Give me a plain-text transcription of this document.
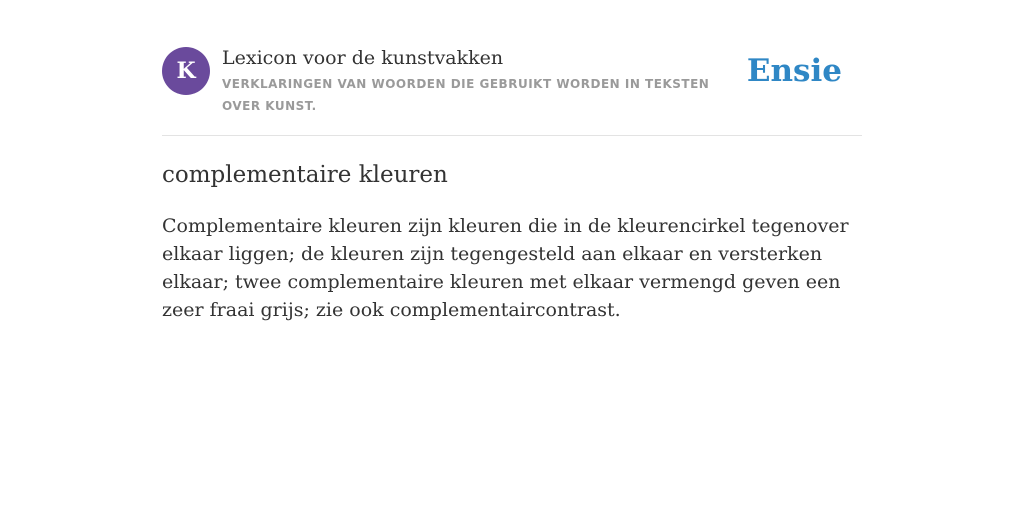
K	Lexicon voor de kunstvakken
VERKLARINGEN VAN WOORDEN DIE GEBRUIKT WORDEN IN TEKSTEN OVER KUNST.
Ensie
complementaire kleuren
Complementaire kleuren zijn kleuren die in de kleurencirkel tegenover elkaar liggen; de kleuren zijn tegengesteld aan elkaar en versterken elkaar; twee complementaire kleuren met elkaar vermengd geven een zeer fraai grijs; zie ook complementaircontrast.
